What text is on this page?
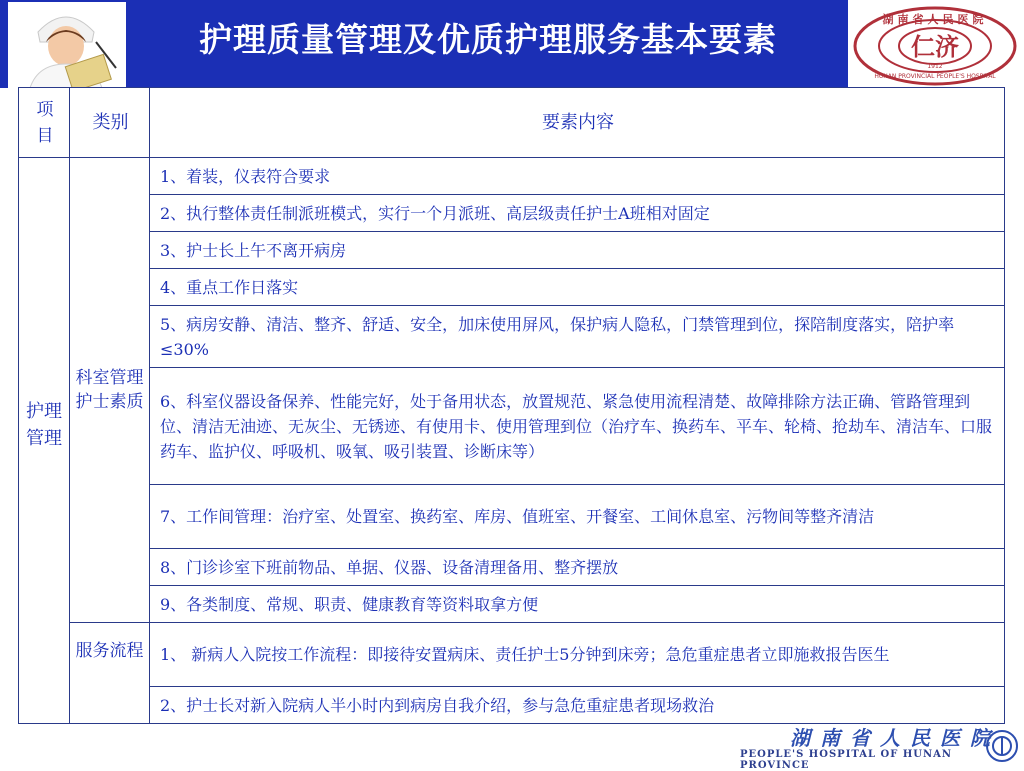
护理质量管理及优质护理服务基本要素	仁济
湖南省人民医院
HUNAN PROVINCIAL PEOPLE'S HOSPITAL
1912
项目	类别	要素内容
护理管理	科室管理护士素质	1、着装，仪表符合要求
		2、执行整体责任制派班模式，实行一个月派班、高层级责任护士A班相对固定
		3、护士长上午不离开病房
		4、重点工作日落实
		5、病房安静、清洁、整齐、舒适、安全，加床使用屏风，保护病人隐私，门禁管理到位，探陪制度落实，陪护率≤30%
		6、科室仪器设备保养、性能完好，处于备用状态，放置规范、紧急使用流程清楚、故障排除方法正确、管路管理到位、清洁无油迹、无灰尘、无锈迹、有使用卡、使用管理到位（治疗车、换药车、平车、轮椅、抢劫车、清洁车、口服药车、监护仪、呼吸机、吸氧、吸引装置、诊断床等）
		7、工作间管理：治疗室、处置室、换药室、库房、值班室、开餐室、工间休息室、污物间等整齐清洁
		8、门诊诊室下班前物品、单据、仪器、设备清理备用、整齐摆放
		9、各类制度、常规、职责、健康教育等资料取拿方便
	服务流程	1、 新病人入院按工作流程：即接待安置病床、责任护士5分钟到床旁；急危重症患者立即施救报告医生
		2、护士长对新入院病人半小时内到病房自我介绍，参与急危重症患者现场救治
湖南省人民医院
PEOPLE'S HOSPITAL OF HUNAN PROVINCE
